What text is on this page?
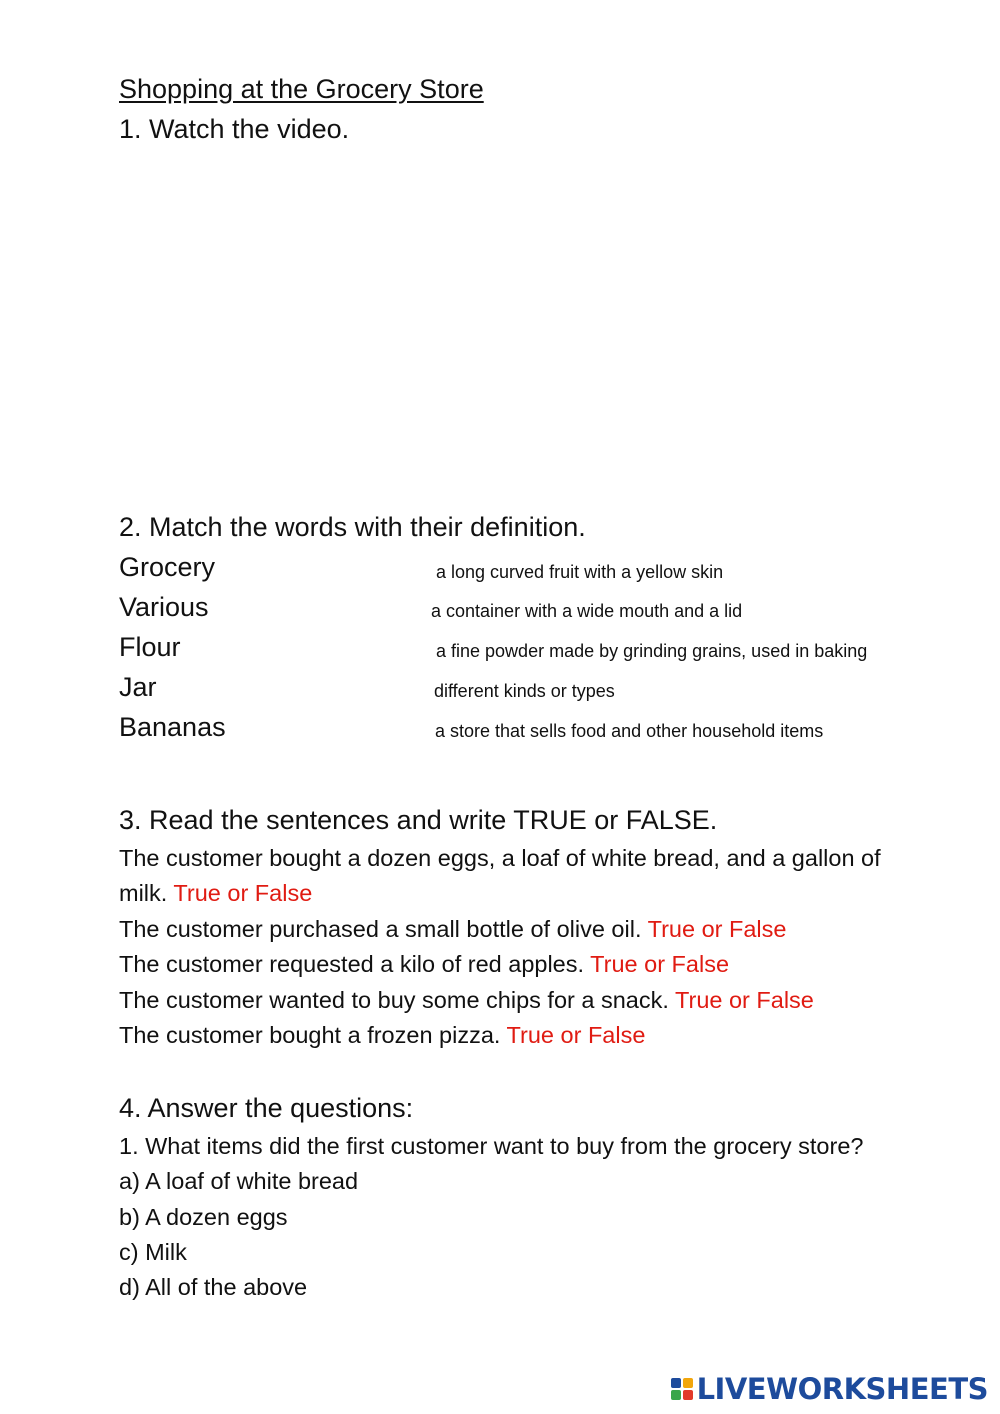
Shopping at the Grocery Store
1. Watch the video.
2. Match the words with their definition.
Grocery
Various
Flour
Jar
Bananas
a long curved fruit with a yellow skin
a container with a wide mouth and a lid
a fine powder made by grinding grains, used in baking
different kinds or types
a store that sells food and other household items
3. Read the sentences and write TRUE or FALSE.
The customer bought a dozen eggs, a loaf of white bread, and a gallon of
milk. True or False
The customer purchased a small bottle of olive oil. True or False
The customer requested a kilo of red apples. True or False
The customer wanted to buy some chips for a snack. True or False
The customer bought a frozen pizza. True or False
4. Answer the questions:
1. What items did the first customer want to buy from the grocery store?
a) A loaf of white bread
b) A dozen eggs
c) Milk
d) All of the above
LIVEWORKSHEETS
